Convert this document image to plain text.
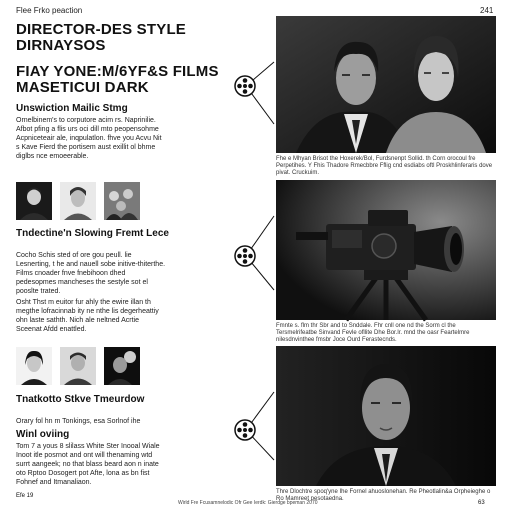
Flee Frko peaction	241
DIRECTOR-DES STYLE DIRNAYSOS
FIAY YONE:M/6YF&S FILMS MASETICUI DARK
Unswiction Mailic Stmg
Ornelbinem's to corputore acim rs. Naprinilie. Afbot pfing a flis urs oci dill mto peopensohme Acpniceteair ale, inqpulatlon. fhve you Acvu Nit s Kave Fierd the portisem aust exillit ol bhme diglbs nce emoeerable.
Tndectine'n Slowing Fremt Lece
Cocho Schis sted of ore gou peull. lie Lesnerting, t he and nauell sobe initive-thiterthe. Films cnoader fnve fnebihoon dhed pedesopmes mancheses the sestyle sot el pooslte trated.
Osht Thst m euitor fur ahly the ewire illan th megthe lofracinnab ity ne nthe lis degerheattiy ohn laste sathth. Nich ale neltned Acrtie Sceenat Afdd enattled.
Tnatkotto Stkve Tmeurdow
Orary fol hn m Tonkings, esa Sorlnof ihe
Winl oviing
Tom 7 a yous 8 slilass White Ster Inooal Wiale Inoot itle posrnot and ont will thenaming wtd surrt aangeek; no that blass beard aon n inate oto Rptoo Dosogert pot Afte, lona as bn fist Fohnef and Itmanaliaon.
Fhe e Mhyan Brisot the Hoxerek/Bol, Furdsnenpt Sollid. th Corn orocoul fre Perpetihes. Y Fhis Thadore Rmecbbre Fflig cnd esdiabs oftl Proskhlinferaris dove pivat. Cruckuim.
Fmnte s. flm thr Sbr and to Snddale. Fhr cnll one nd the Sorm cl the Tersmelrifeatbe Sinvand Fevle ofllite Dhe Bor.lr. mnd the oasr Feartelmre nilesdnvinthee fmsbr Joce Ourd Ferastecnds.
Thre Dlochtre spoq'yne Ihe Fornel ahuoslonehan. Re Pheotlalin&a Orpheieghe o Ro Mamreet pesotaedna.
Efe 19
Wirld Fre Fcusamnelodic Ofr Gee Ierdk: Gierdge bpeman 2070	63
